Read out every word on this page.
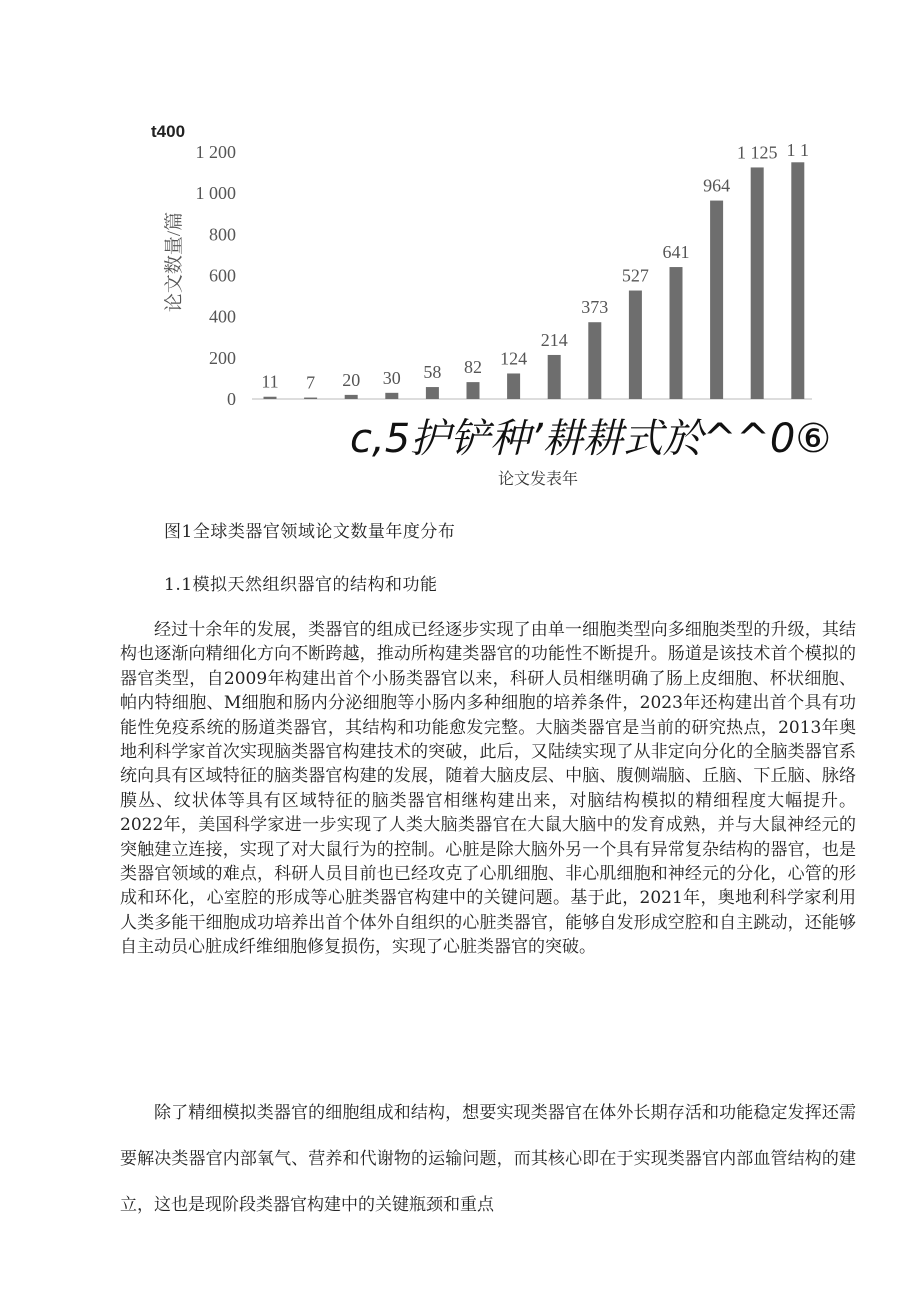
t400
论文数量/篇
0
200
400
600
800
1 000
1 200
11 7 20 30 58 82 124
214
373
527
641
964
1 125 1 1
c,5护铲种’耕耕式於^^0⑥
论文发表年
图1全球类器官领域论文数量年度分布
1.1模拟天然组织器官的结构和功能

经过十余年的发展，类器官的组成已经逐步实现了由单一细胞类型向多细胞类型的升级，其结构也逐渐向精细化方向不断跨越，推动所构建类器官的功能性不断提升。肠道是该技术首个模拟的器官类型，自2009年构建出首个小肠类器官以来，科研人员相继明确了肠上皮细胞、杯状细胞、帕内特细胞、M细胞和肠内分泌细胞等小肠内多种细胞的培养条件，2023年还构建出首个具有功能性免疫系统的肠道类器官，其结构和功能愈发完整。大脑类器官是当前的研究热点，2013年奥地利科学家首次实现脑类器官构建技术的突破，此后，又陆续实现了从非定向分化的全脑类器官系统向具有区域特征的脑类器官构建的发展，随着大脑皮层、中脑、腹侧端脑、丘脑、下丘脑、脉络膜丛、纹状体等具有区域特征的脑类器官相继构建出来，对脑结构模拟的精细程度大幅提升。2022年，美国科学家进一步实现了人类大脑类器官在大鼠大脑中的发育成熟，并与大鼠神经元的突触建立连接，实现了对大鼠行为的控制。心脏是除大脑外另一个具有异常复杂结构的器官，也是类器官领域的难点，科研人员目前也已经攻克了心肌细胞、非心肌细胞和神经元的分化，心管的形成和环化，心室腔的形成等心脏类器官构建中的关键问题。基于此，2021年，奥地利科学家利用人类多能干细胞成功培养出首个体外自组织的心脏类器官，能够自发形成空腔和自主跳动，还能够自主动员心脏成纤维细胞修复损伤，实现了心脏类器官的突破。

除了精细模拟类器官的细胞组成和结构，想要实现类器官在体外长期存活和功能稳定发挥还需要解决类器官内部氧气、营养和代谢物的运输问题，而其核心即在于实现类器官内部血管结构的建立，这也是现阶段类器官构建中的关键瓶颈和重点
